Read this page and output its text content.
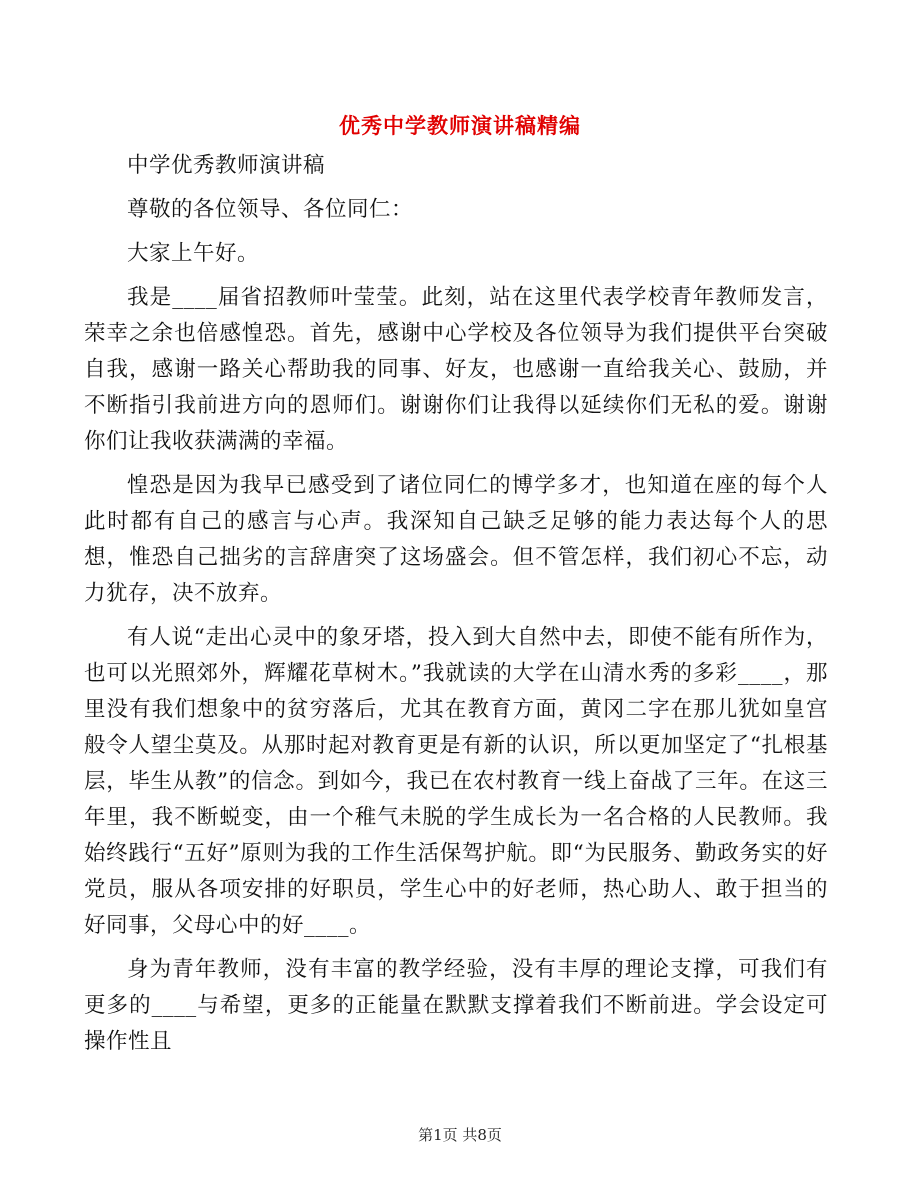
优秀中学教师演讲稿精编

中学优秀教师演讲稿

尊敬的各位领导、各位同仁：

大家上午好。

我是____届省招教师叶莹莹。此刻，站在这里代表学校青年教师发言，荣幸之余也倍感惶恐。首先，感谢中心学校及各位领导为我们提供平台突破自我，感谢一路关心帮助我的同事、好友，也感谢一直给我关心、鼓励，并不断指引我前进方向的恩师们。谢谢你们让我得以延续你们无私的爱。谢谢你们让我收获满满的幸福。

惶恐是因为我早已感受到了诸位同仁的博学多才，也知道在座的每个人此时都有自己的感言与心声。我深知自己缺乏足够的能力表达每个人的思想，惟恐自己拙劣的言辞唐突了这场盛会。但不管怎样，我们初心不忘，动力犹存，决不放弃。

有人说“走出心灵中的象牙塔，投入到大自然中去，即使不能有所作为，也可以光照郊外，辉耀花草树木。”我就读的大学在山清水秀的多彩____，那里没有我们想象中的贫穷落后，尤其在教育方面，黄冈二字在那儿犹如皇宫般令人望尘莫及。从那时起对教育更是有新的认识，所以更加坚定了“扎根基层，毕生从教”的信念。到如今，我已在农村教育一线上奋战了三年。在这三年里，我不断蜕变，由一个稚气未脱的学生成长为一名合格的人民教师。我始终践行“五好”原则为我的工作生活保驾护航。即“为民服务、勤政务实的好党员，服从各项安排的好职员，学生心中的好老师，热心助人、敢于担当的好同事，父母心中的好____。

身为青年教师，没有丰富的教学经验，没有丰厚的理论支撑，可我们有更多的____与希望，更多的正能量在默默支撑着我们不断前进。学会设定可操作性且

第1页 共8页
